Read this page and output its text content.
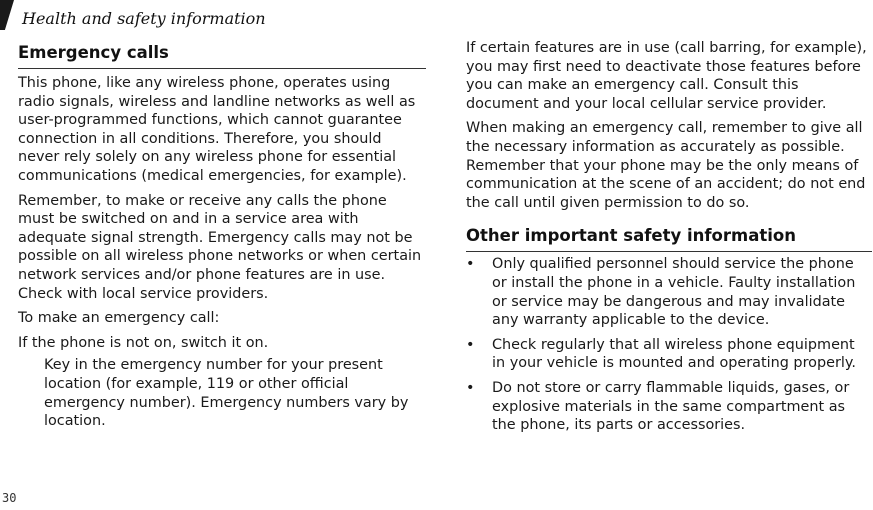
Health and safety information
Emergency calls

This phone, like any wireless phone, operates using radio signals, wireless and landline networks as well as user-programmed functions, which cannot guarantee connection in all conditions. Therefore, you should never rely solely on any wireless phone for essential communications (medical emergencies, for example).

Remember, to make or receive any calls the phone must be switched on and in a service area with adequate signal strength. Emergency calls may not be possible on all wireless phone networks or when certain network services and/or phone features are in use. Check with local service providers.

To make an emergency call:

If the phone is not on, switch it on.

Key in the emergency number for your present location (for example, 119 or other official emergency number). Emergency numbers vary by location.

If certain features are in use (call barring, for example), you may first need to deactivate those features before you can make an emergency call. Consult this document and your local cellular service provider.

When making an emergency call, remember to give all the necessary information as accurately as possible. Remember that your phone may be the only means of communication at the scene of an accident; do not end the call until given permission to do so.

Other important safety information
• Only qualified personnel should service the phone or install the phone in a vehicle. Faulty installation or service may be dangerous and may invalidate any warranty applicable to the device.
• Check regularly that all wireless phone equipment in your vehicle is mounted and operating properly.
• Do not store or carry flammable liquids, gases, or explosive materials in the same compartment as the phone, its parts or accessories.
30
